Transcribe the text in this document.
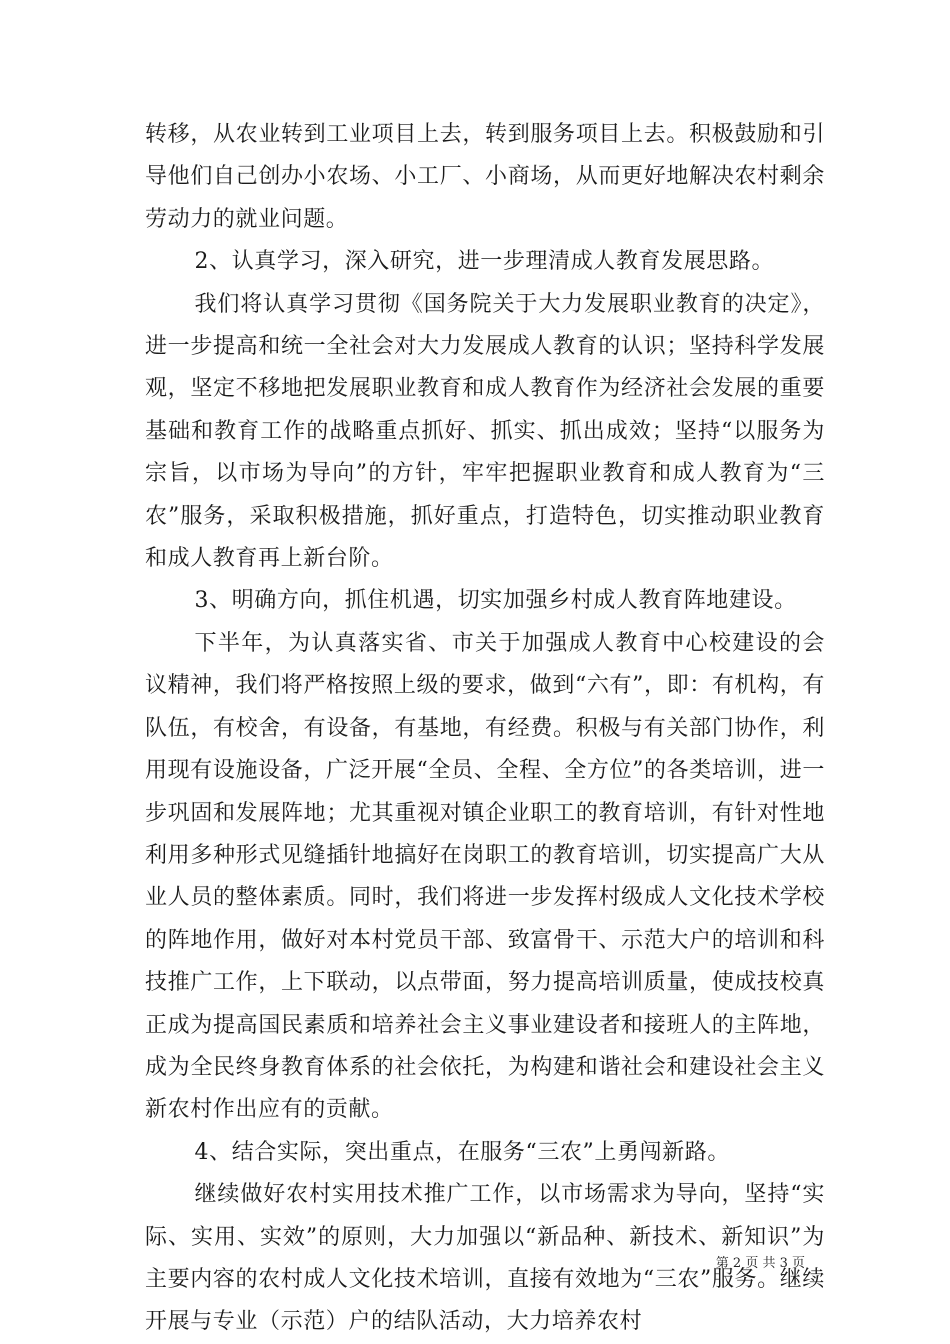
转移，从农业转到工业项目上去，转到服务项目上去。积极鼓励和引导他们自己创办小农场、小工厂、小商场，从而更好地解决农村剩余劳动力的就业问题。

2、认真学习，深入研究，进一步理清成人教育发展思路。

我们将认真学习贯彻《国务院关于大力发展职业教育的决定》，进一步提高和统一全社会对大力发展成人教育的认识；坚持科学发展观，坚定不移地把发展职业教育和成人教育作为经济社会发展的重要基础和教育工作的战略重点抓好、抓实、抓出成效；坚持“以服务为宗旨，以市场为导向”的方针，牢牢把握职业教育和成人教育为“三农”服务，采取积极措施，抓好重点，打造特色，切实推动职业教育和成人教育再上新台阶。

3、明确方向，抓住机遇，切实加强乡村成人教育阵地建设。

下半年，为认真落实省、市关于加强成人教育中心校建设的会议精神，我们将严格按照上级的要求，做到“六有”，即：有机构，有队伍，有校舍，有设备，有基地，有经费。积极与有关部门协作，利用现有设施设备，广泛开展“全员、全程、全方位”的各类培训，进一步巩固和发展阵地；尤其重视对镇企业职工的教育培训，有针对性地利用多种形式见缝插针地搞好在岗职工的教育培训，切实提高广大从业人员的整体素质。同时，我们将进一步发挥村级成人文化技术学校的阵地作用，做好对本村党员干部、致富骨干、示范大户的培训和科技推广工作，上下联动，以点带面，努力提高培训质量，使成技校真正成为提高国民素质和培养社会主义事业建设者和接班人的主阵地，成为全民终身教育体系的社会依托，为构建和谐社会和建设社会主义新农村作出应有的贡献。

4、结合实际，突出重点，在服务“三农”上勇闯新路。

继续做好农村实用技术推广工作，以市场需求为导向，坚持“实际、实用、实效”的原则，大力加强以“新品种、新技术、新知识”为主要内容的农村成人文化技术培训，直接有效地为“三农”服务。继续开展与专业（示范）户的结队活动，大力培养农村

第 2 页 共 3 页
